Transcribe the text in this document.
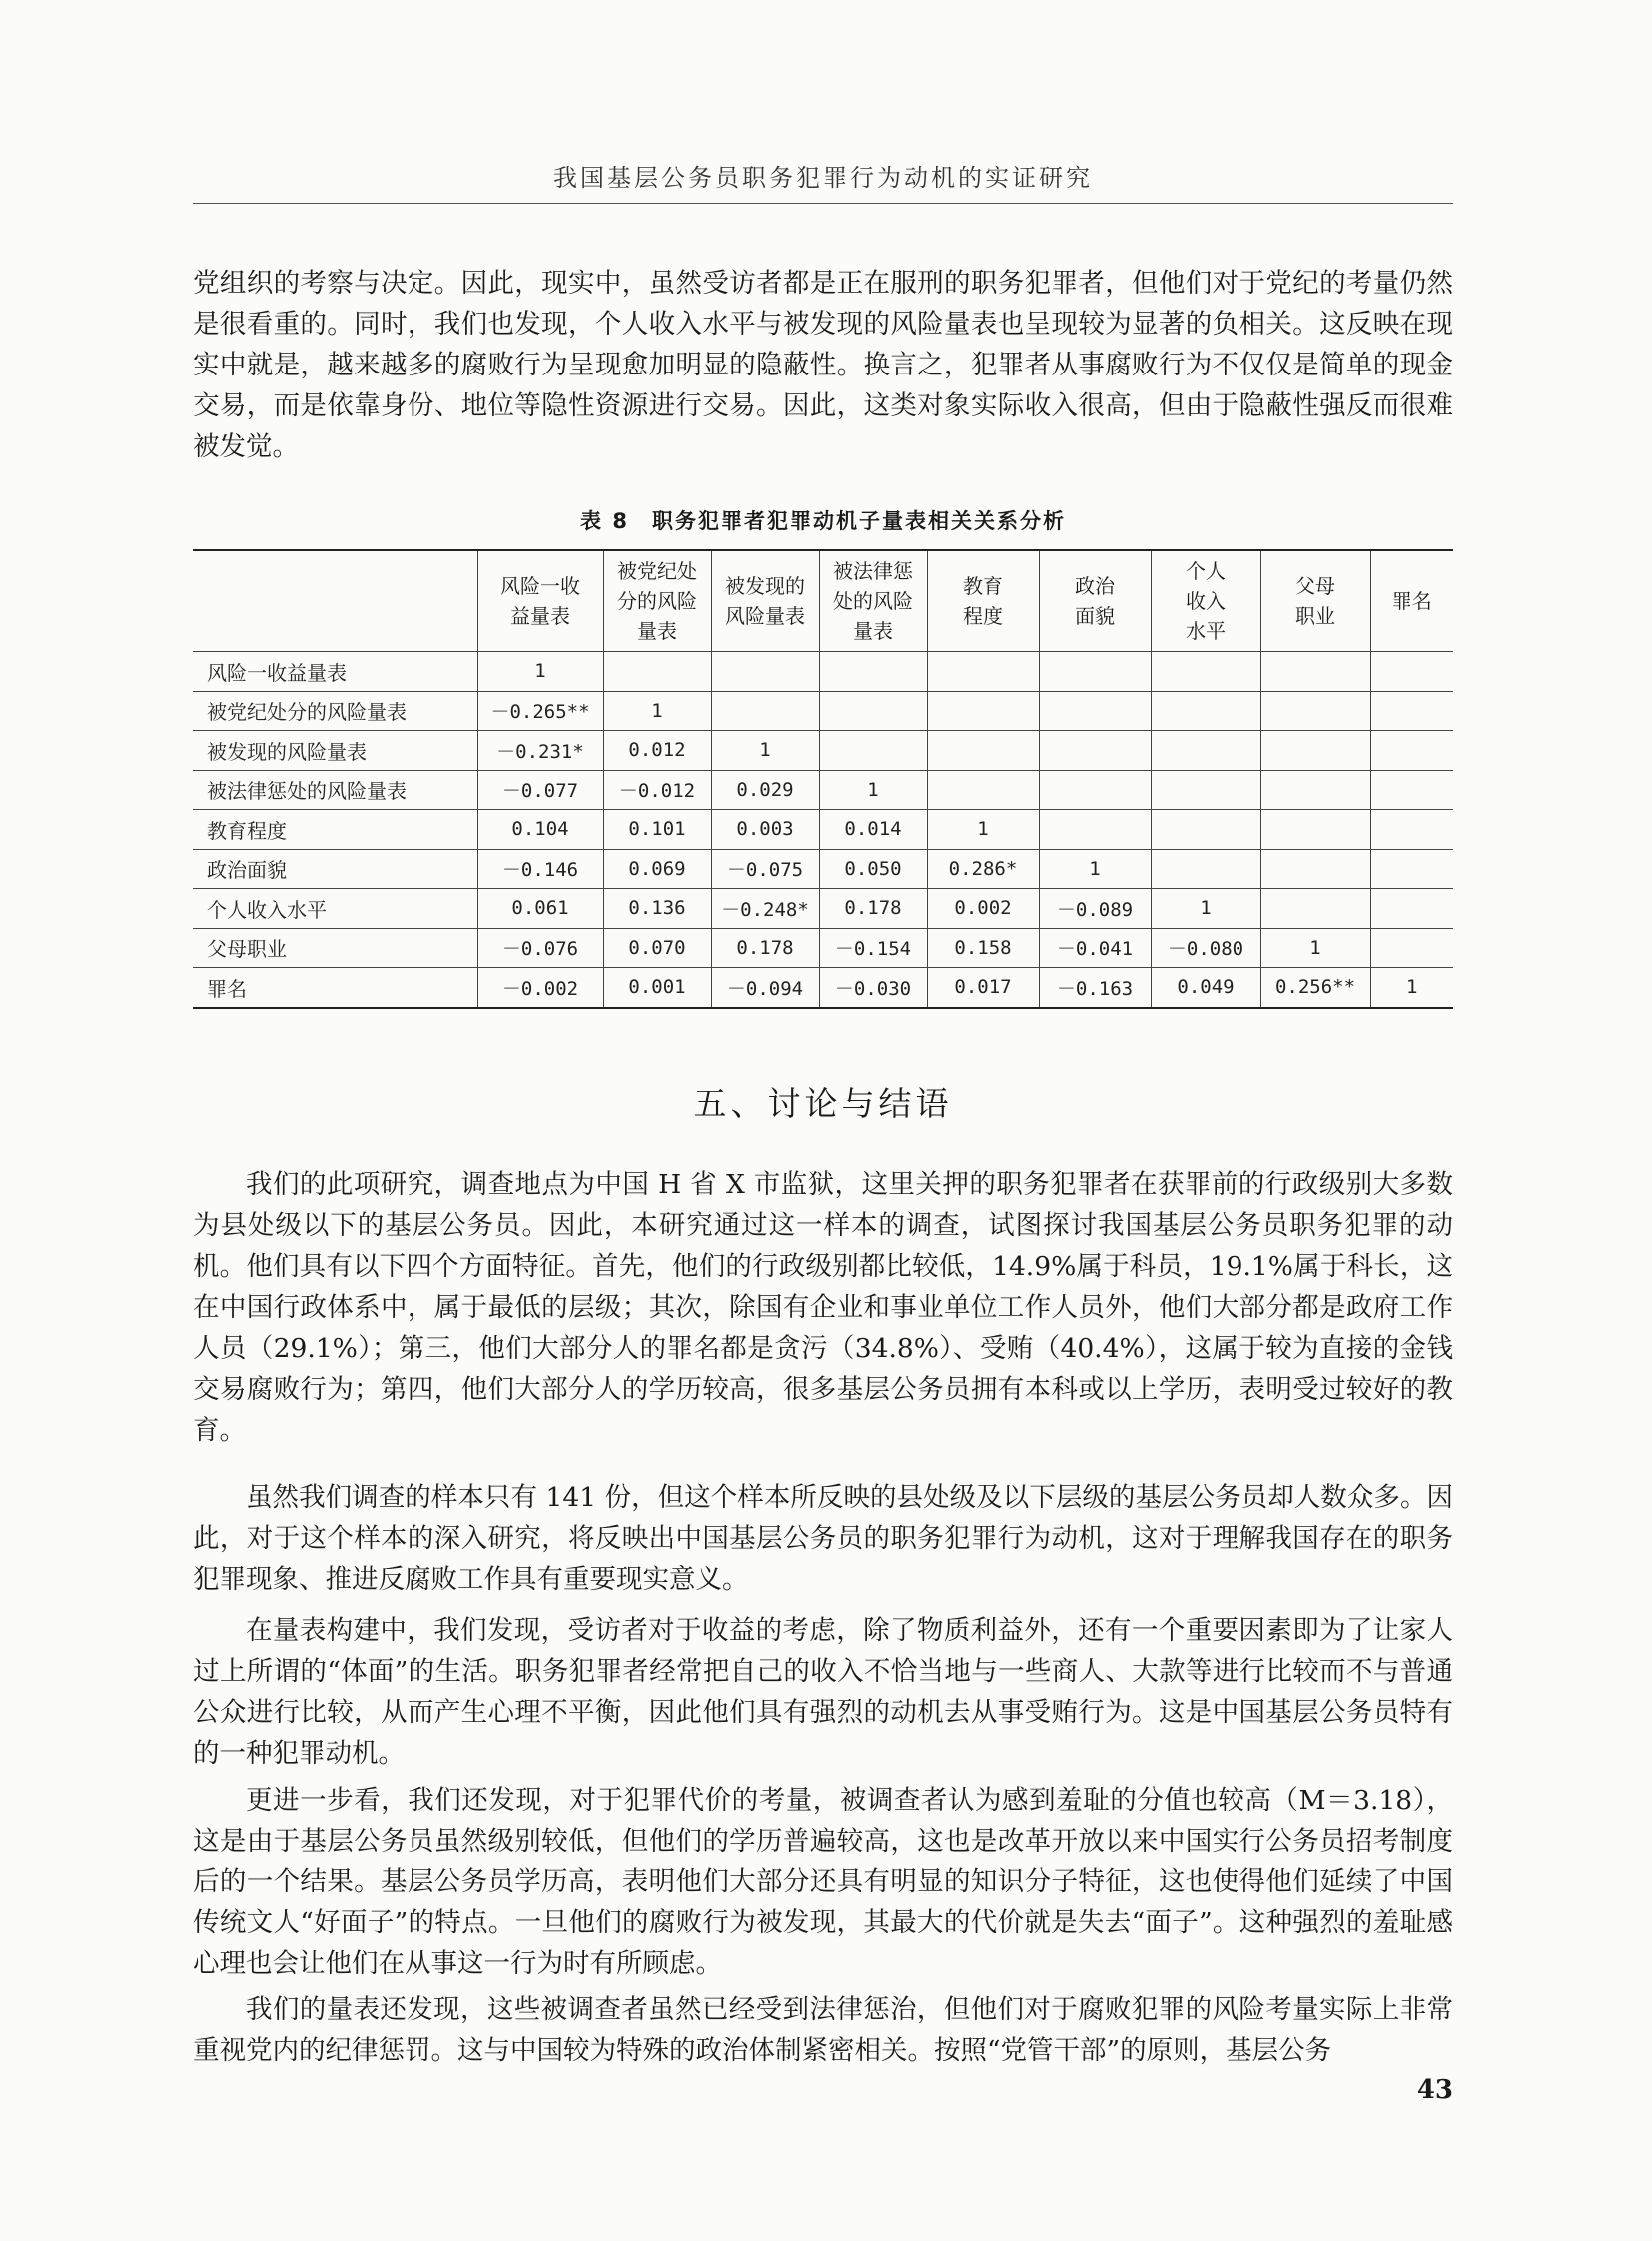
我国基层公务员职务犯罪行为动机的实证研究

党组织的考察与决定。因此，现实中，虽然受访者都是正在服刑的职务犯罪者，但他们对于党纪的考量仍然是很看重的。同时，我们也发现，个人收入水平与被发现的风险量表也呈现较为显著的负相关。这反映在现实中就是，越来越多的腐败行为呈现愈加明显的隐蔽性。换言之，犯罪者从事腐败行为不仅仅是简单的现金交易，而是依靠身份、地位等隐性资源进行交易。因此，这类对象实际收入很高，但由于隐蔽性强反而很难被发觉。

表 8　职务犯罪者犯罪动机子量表相关关系分析
	风险一收益量表	被党纪处分的风险量表	被发现的风险量表	被法律惩处的风险量表	教育程度	政治面貌	个人收入水平	父母职业	罪名
风险一收益量表	1								
被党纪处分的风险量表	－0.265**	1							
被发现的风险量表	－0.231*	0.012	1						
被法律惩处的风险量表	－0.077	－0.012	0.029	1					
教育程度	0.104	0.101	0.003	0.014	1				
政治面貌	－0.146	0.069	－0.075	0.050	0.286*	1			
个人收入水平	0.061	0.136	－0.248*	0.178	0.002	－0.089	1		
父母职业	－0.076	0.070	0.178	－0.154	0.158	－0.041	－0.080	1	
罪名	－0.002	0.001	－0.094	－0.030	0.017	－0.163	0.049	0.256**	1
五、讨论与结语

我们的此项研究，调查地点为中国 H 省 X 市监狱，这里关押的职务犯罪者在获罪前的行政级别大多数为县处级以下的基层公务员。因此，本研究通过这一样本的调查，试图探讨我国基层公务员职务犯罪的动机。他们具有以下四个方面特征。首先，他们的行政级别都比较低，14.9%属于科员，19.1%属于科长，这在中国行政体系中，属于最低的层级；其次，除国有企业和事业单位工作人员外，他们大部分都是政府工作人员（29.1%）；第三，他们大部分人的罪名都是贪污（34.8%）、受贿（40.4%），这属于较为直接的金钱交易腐败行为；第四，他们大部分人的学历较高，很多基层公务员拥有本科或以上学历，表明受过较好的教育。

虽然我们调查的样本只有 141 份，但这个样本所反映的县处级及以下层级的基层公务员却人数众多。因此，对于这个样本的深入研究，将反映出中国基层公务员的职务犯罪行为动机，这对于理解我国存在的职务犯罪现象、推进反腐败工作具有重要现实意义。

在量表构建中，我们发现，受访者对于收益的考虑，除了物质利益外，还有一个重要因素即为了让家人过上所谓的“体面”的生活。职务犯罪者经常把自己的收入不恰当地与一些商人、大款等进行比较而不与普通公众进行比较，从而产生心理不平衡，因此他们具有强烈的动机去从事受贿行为。这是中国基层公务员特有的一种犯罪动机。

更进一步看，我们还发现，对于犯罪代价的考量，被调查者认为感到羞耻的分值也较高（M＝3.18），这是由于基层公务员虽然级别较低，但他们的学历普遍较高，这也是改革开放以来中国实行公务员招考制度后的一个结果。基层公务员学历高，表明他们大部分还具有明显的知识分子特征，这也使得他们延续了中国传统文人“好面子”的特点。一旦他们的腐败行为被发现，其最大的代价就是失去“面子”。这种强烈的羞耻感心理也会让他们在从事这一行为时有所顾虑。

我们的量表还发现，这些被调查者虽然已经受到法律惩治，但他们对于腐败犯罪的风险考量实际上非常重视党内的纪律惩罚。这与中国较为特殊的政治体制紧密相关。按照“党管干部”的原则，基层公务

43
